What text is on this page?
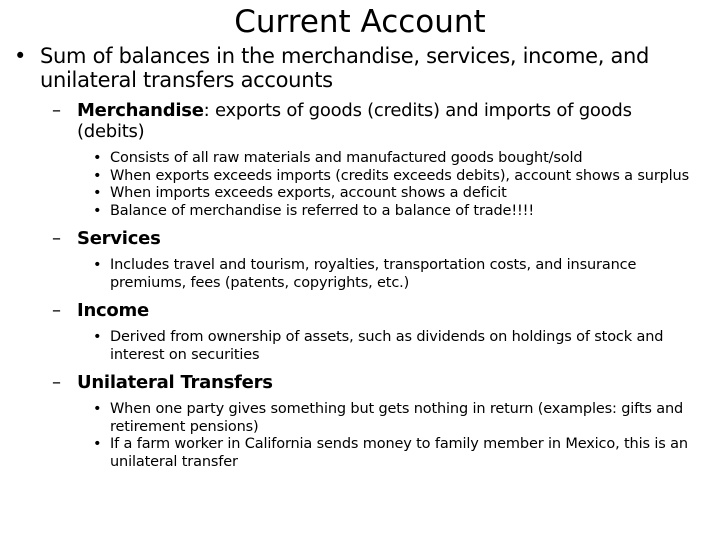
Current Account
• Sum of balances in the merchandise, services, income, and unilateral transfers accounts
– Merchandise: exports of goods (credits) and imports of goods (debits)
• Consists of all raw materials and manufactured goods bought/sold
• When exports exceeds imports (credits exceeds debits), account shows a surplus
• When imports exceeds exports, account shows a deficit
• Balance of merchandise is referred to a balance of trade!!!!
– Services
• Includes travel and tourism, royalties, transportation costs, and insurance premiums, fees (patents, copyrights, etc.)
– Income
• Derived from ownership of assets, such as dividends on holdings of stock and interest on securities
– Unilateral Transfers
• When one party gives something but gets nothing in return (examples: gifts and retirement pensions)
• If a farm worker in California sends money to family member in Mexico, this is an unilateral transfer
